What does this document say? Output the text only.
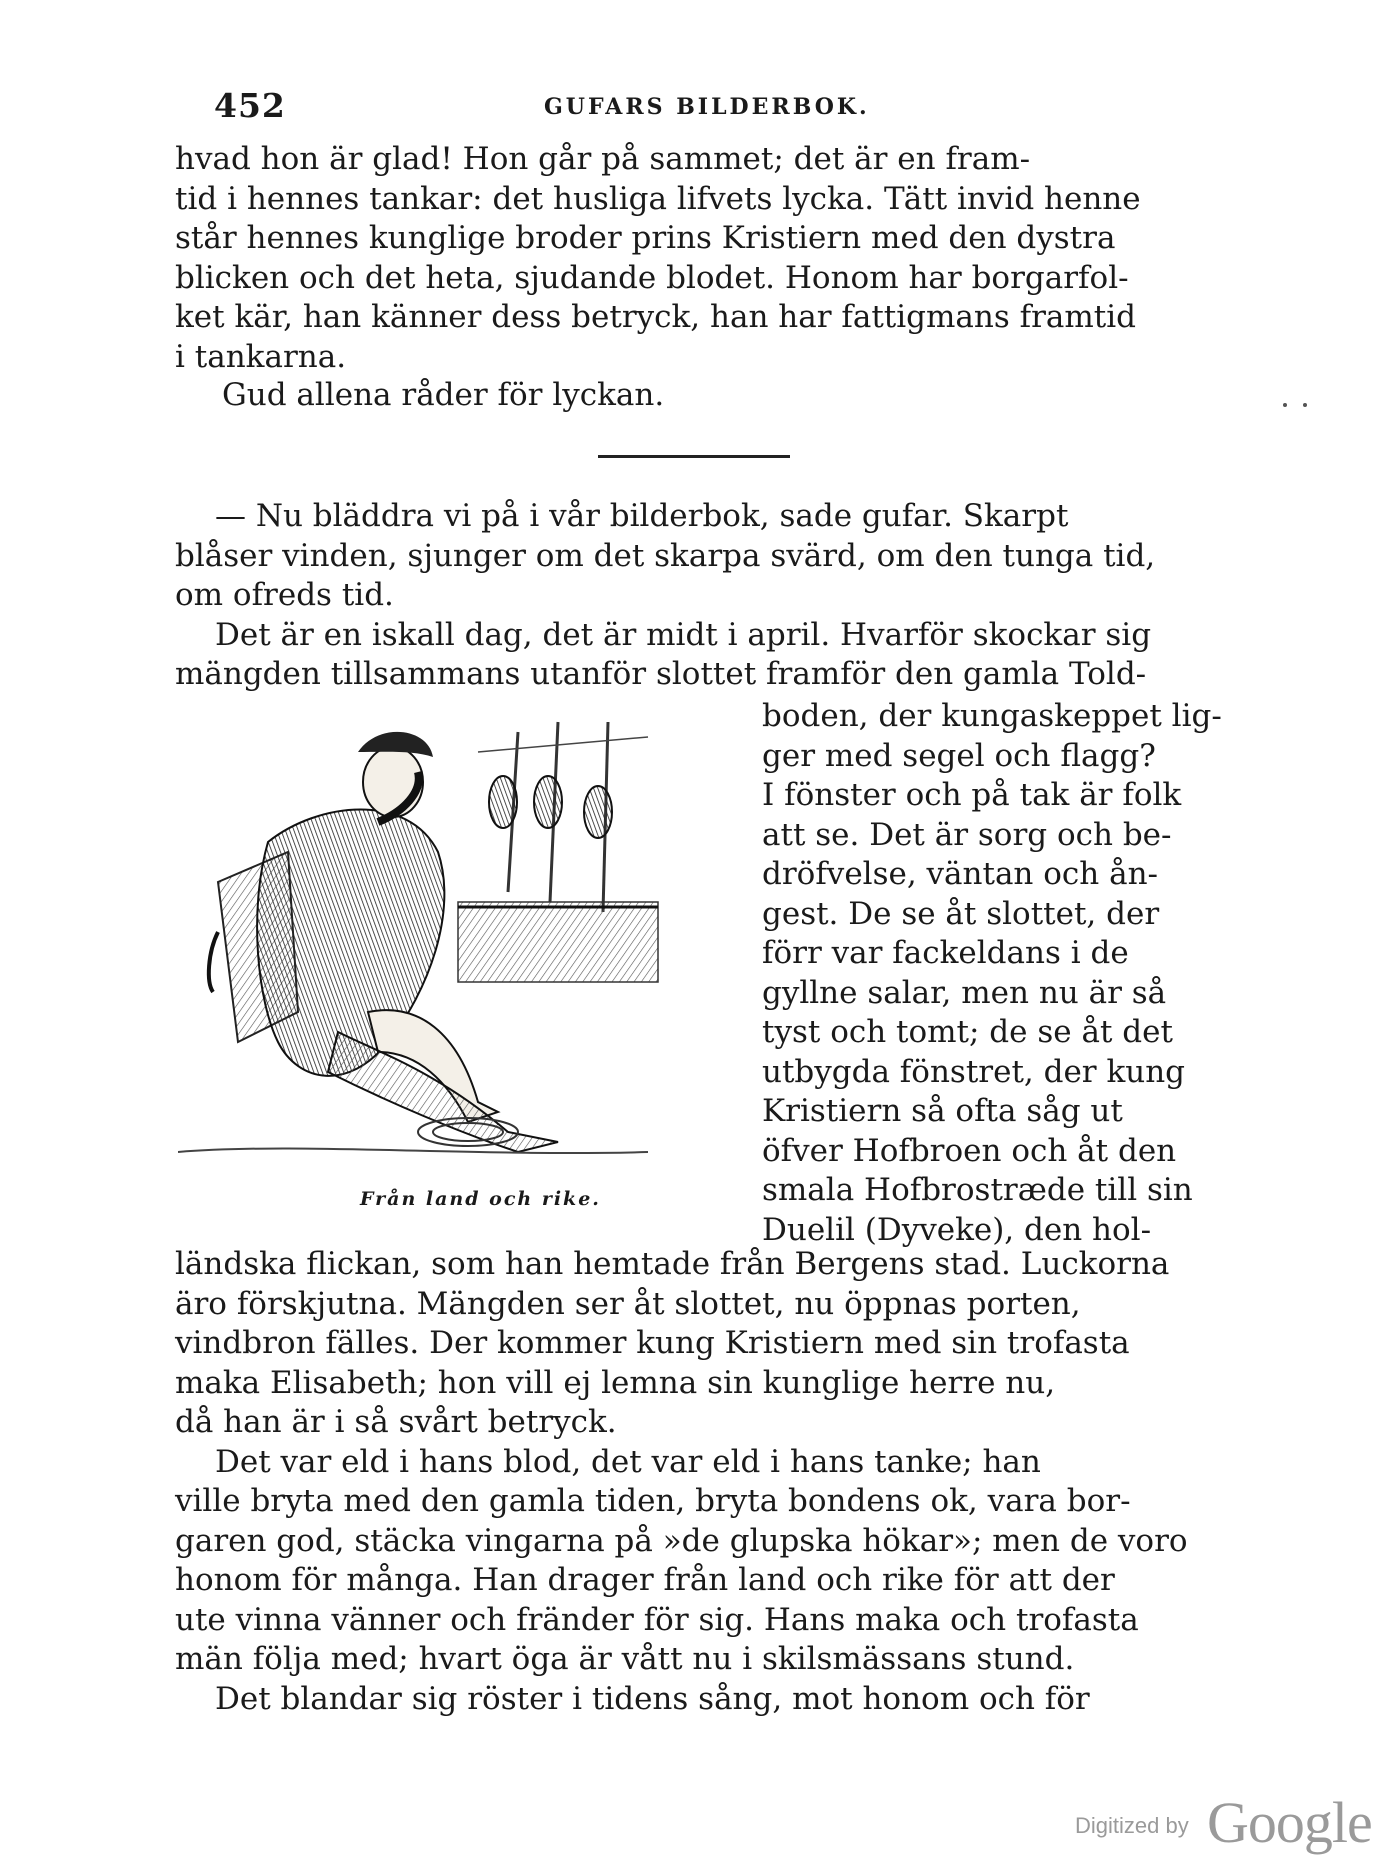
452	GUFARS BILDERBOK.

hvad hon är glad! Hon går på sammet; det är en fram-

tid i hennes tankar: det husliga lifvets lycka. Tätt invid henne

står hennes kunglige broder prins Kristiern med den dystra

blicken och det heta, sjudande blodet. Honom har borgarfol-

ket kär, han känner dess betryck, han har fattigmans framtid

i tankarna.

Gud allena råder för lyckan.

— Nu bläddra vi på i vår bilderbok, sade gufar. Skarpt

blåser vinden, sjunger om det skarpa svärd, om den tunga tid,

om ofreds tid.

Det är en iskall dag, det är midt i april. Hvarför skockar sig

mängden tillsammans utanför slottet framför den gamla Told-

boden, der kungaskeppet lig-

ger med segel och flagg?

I fönster och på tak är folk

att se. Det är sorg och be-

dröfvelse, väntan och ån-

gest. De se åt slottet, der

förr var fackeldans i de

gyllne salar, men nu är så

tyst och tomt; de se åt det

utbygda fönstret, der kung

Kristiern så ofta såg ut

öfver Hofbroen och åt den

smala Hofbrostræde till sin

Duelil (Dyveke), den hol-

ländska flickan, som han hemtade från Bergens stad. Luckorna

äro förskjutna. Mängden ser åt slottet, nu öppnas porten,

vindbron fälles. Der kommer kung Kristiern med sin trofasta

maka Elisabeth; hon vill ej lemna sin kunglige herre nu,

då han är i så svårt betryck.

Det var eld i hans blod, det var eld i hans tanke; han

ville bryta med den gamla tiden, bryta bondens ok, vara bor-

garen god, stäcka vingarna på »de glupska hökar»; men de voro

honom för många. Han drager från land och rike för att der

ute vinna vänner och fränder för sig. Hans maka och trofasta

män följa med; hvart öga är vått nu i skilsmässans stund.

Det blandar sig röster i tidens sång, mot honom och för

Från land och rike.
Digitized by Google
